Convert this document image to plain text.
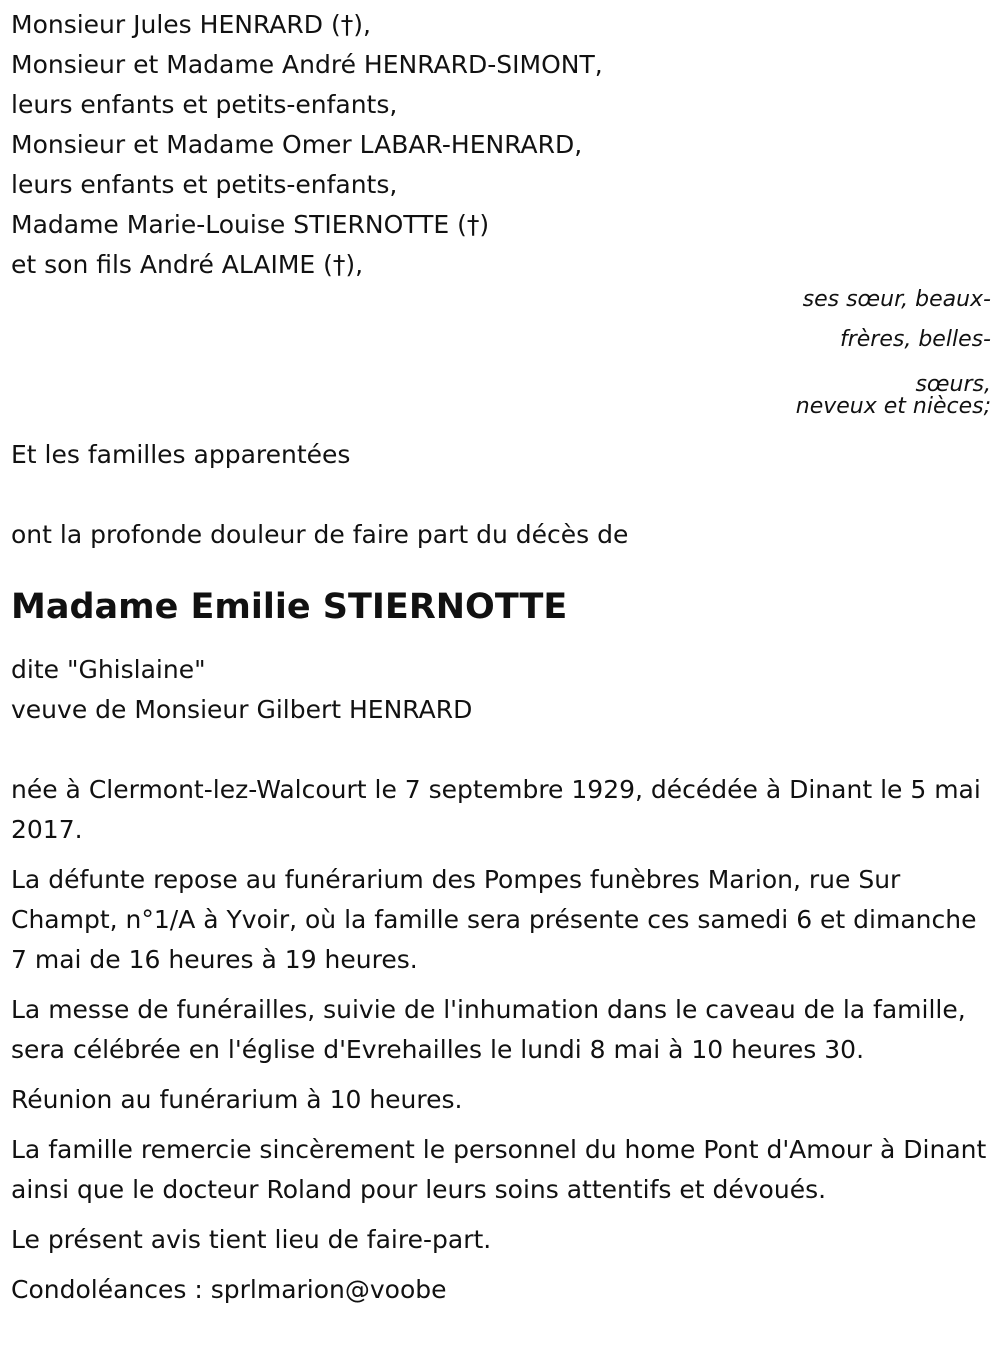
Monsieur Jules HENRARD (†),
Monsieur et Madame André HENRARD-SIMONT,
leurs enfants et petits-enfants,
Monsieur et Madame Omer LABAR-HENRARD,
leurs enfants et petits-enfants,
Madame Marie-Louise STIERNOTTE (†)
et son fils André ALAIME (†),
ses sœur, beaux-
frères, belles-
sœurs,
neveux et nièces;
Et les familles apparentées
ont la profonde douleur de faire part du décès de
Madame Emilie STIERNOTTE
dite "Ghislaine"
veuve de Monsieur Gilbert HENRARD

née à Clermont-lez-Walcourt le 7 septembre 1929, décédée à Dinant le 5 mai 2017.

La défunte repose au funérarium des Pompes funèbres Marion, rue Sur Champt, n°1/A à Yvoir, où la famille sera présente ces samedi 6 et dimanche 7 mai de 16 heures à 19 heures.

La messe de funérailles, suivie de l'inhumation dans le caveau de la famille, sera célébrée en l'église d'Evrehailles le lundi 8 mai à 10 heures 30.

Réunion au funérarium à 10 heures.

La famille remercie sincèrement le personnel du home Pont d'Amour à Dinant ainsi que le docteur Roland pour leurs soins attentifs et dévoués.

Le présent avis tient lieu de faire-part.

Condoléances : sprlmarion@voobe
